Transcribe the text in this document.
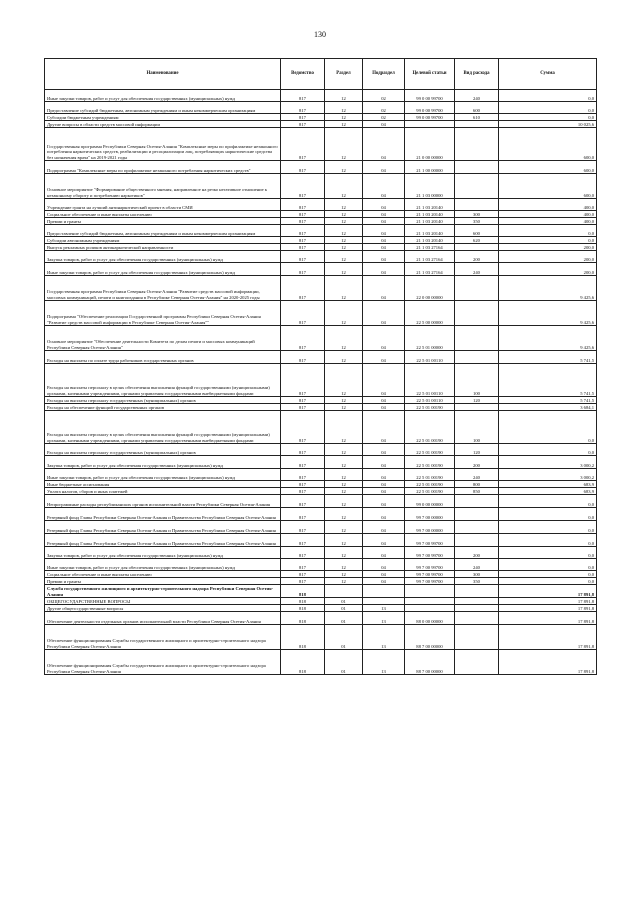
130
Наименование	Ведомство	Раздел	Подраздел	Целевой статьи	Вид расхода	Сумма
Иные закупки товаров, работ и услуг для обеспечения государственных (муниципальных) нужд	817	12	02	99 0 00 99700	240	0,0
Предоставление субсидий бюджетным, автономным учреждениям и иным некоммерческим организациям	817	12	02	99 0 00 99700	600	0,0
Субсидии бюджетным учреждениям	817	12	02	99 0 00 99700	610	0,0
Другие вопросы в области средств массовой информации	817	12	04			10 025,6
Государственная программа Республики Северная Осетия-Алания "Комплексные меры по профилактике незаконного потребления наркотических средств, реабилитации и ресоциализации лиц, потребляющих наркотические средства без назначения врача" на 2019-2021 годы	817	12	04	21 0 00 00000		600,0
Подпрограмма "Комплексные меры по профилактике незаконного потребления наркотических средств"	817	12	04	21 1 00 00000		600,0
Основное мероприятие "Формирование общественного мнения, направленное на резко негативное отношение к незаконному обороту и потреблению наркотиков"	817	12	04	21 1 03 00000		600,0
Учреждение гранта на лучший антинаркотический проект в области СМИ	817	12	04	21 1 03 20140		400,0
Социальное обеспечение и иные выплаты населению	817	12	04	21 1 03 20140	300	400,0
Премии и гранты	817	12	04	21 1 03 20140	350	400,0
Предоставление субсидий бюджетным, автономным учреждениям и иным некоммерческим организациям	817	12	04	21 1 03 20140	600	0,0
Субсидии автономным учреждениям	817	12	04	21 1 03 20140	620	0,0
Выпуск рекламных роликов антинаркотической направленности	817	12	04	21 1 03 27164		200,0
Закупка товаров, работ и услуг для обеспечения государственных (муниципальных) нужд	817	12	04	21 1 03 27164	200	200,0
Иные закупки товаров, работ и услуг для обеспечения государственных (муниципальных) нужд	817	12	04	21 1 03 27164	240	200,0
Государственная программа Республики Северная Осетия-Алания "Развитие средств массовой информации, массовых коммуникаций, печати и книгоиздания в Республике Северная Осетия-Алания" на 2020-2025 годы	817	12	04	22 0 00 00000		9 425,6
Подпрограмма "Обеспечение реализации Государственной программы Республики Северная Осетия-Алания "Развитие средств массовой информации в Республике Северная Осетия-Алания""	817	12	04	22 5 00 00000		9 425,6
Основное мероприятие "Обеспечение деятельности Комитета по делам печати и массовых коммуникаций Республики Северная Осетия-Алания"	817	12	04	22 5 01 00000		9 425,6
Расходы на выплаты по оплате труда работников государственных органов	817	12	04	22 5 01 00110		5 741,5
Расходы на выплаты персоналу в целях обеспечения выполнения функций государственными (муниципальными) органами, казенными учреждениями, органами управления государственными внебюджетными фондами	817	12	04	22 5 01 00110	100	5 741,5
Расходы на выплаты персоналу государственных (муниципальных) органов	817	12	04	22 5 01 00110	120	5 741,5
Расходы на обеспечение функций государственных органов	817	12	04	22 5 01 00190		3 684,1
Расходы на выплаты персоналу в целях обеспечения выполнения функций государственными (муниципальными) органами, казенными учреждениями, органами управления государственными внебюджетными фондами	817	12	04	22 5 01 00190	100	0,0
Расходы на выплаты персоналу государственных (муниципальных) органов	817	12	04	22 5 01 00190	120	0,0
Закупка товаров, работ и услуг для обеспечения государственных (муниципальных) нужд	817	12	04	22 5 01 00190	200	3 000,2
Иные закупки товаров, работ и услуг для обеспечения государственных (муниципальных) нужд	817	12	04	22 5 01 00190	240	3 000,2
Иные бюджетные ассигнования	817	12	04	22 5 01 00190	800	683,9
Уплата налогов, сборов и иных платежей	817	12	04	22 5 01 00190	850	683,9
Непрограммные расходы республиканских органов исполнительной власти Республики Северная Осетия-Алания	817	12	04	99 0 00 00000		0,0
Резервный фонд Главы Республики Северная Осетия-Алания и Правительства Республики Северная Осетия-Алания	817	12	04	99 7 00 00000		0,0
Резервный фонд Главы Республики Северная Осетия-Алания и Правительства Республики Северная Осетия-Алания	817	12	04	99 7 00 00000		0,0
Резервный фонд Главы Республики Северная Осетия-Алания и Правительства Республики Северная Осетия-Алания	817	12	04	99 7 00 99700		0,0
Закупка товаров, работ и услуг для обеспечения государственных (муниципальных) нужд	817	12	04	99 7 00 99700	200	0,0
Иные закупки товаров, работ и услуг для обеспечения государственных (муниципальных) нужд	817	12	04	99 7 00 99700	240	0,0
Социальное обеспечение и иные выплаты населению	817	12	04	99 7 00 99700	300	0,0
Премии и гранты	817	12	04	99 7 00 99700	350	0,0
Служба государственного жилищного и архитектурно-строительного надзора Республики Северная Осетия-Алания	818					17 891,8
ОБЩЕГОСУДАРСТВЕННЫЕ ВОПРОСЫ	818	01				17 891,8
Другие общегосударственные вопросы	818	01	13			17 891,8
Обеспечение деятельности отдельных органов исполнительной власти Республики Северная Осетия-Алания	818	01	13	88 0 00 00000		17 891,8
Обеспечение функционирования Службы государственного жилищного и архитектурно-строительного надзора Республики Северная Осетия-Алания	818	01	13	88 7 00 00000		17 891,8
Обеспечение функционирования Службы государственного жилищного и архитектурно-строительного надзора Республики Северная Осетия-Алания	818	01	13	88 7 00 00000		17 891,8
